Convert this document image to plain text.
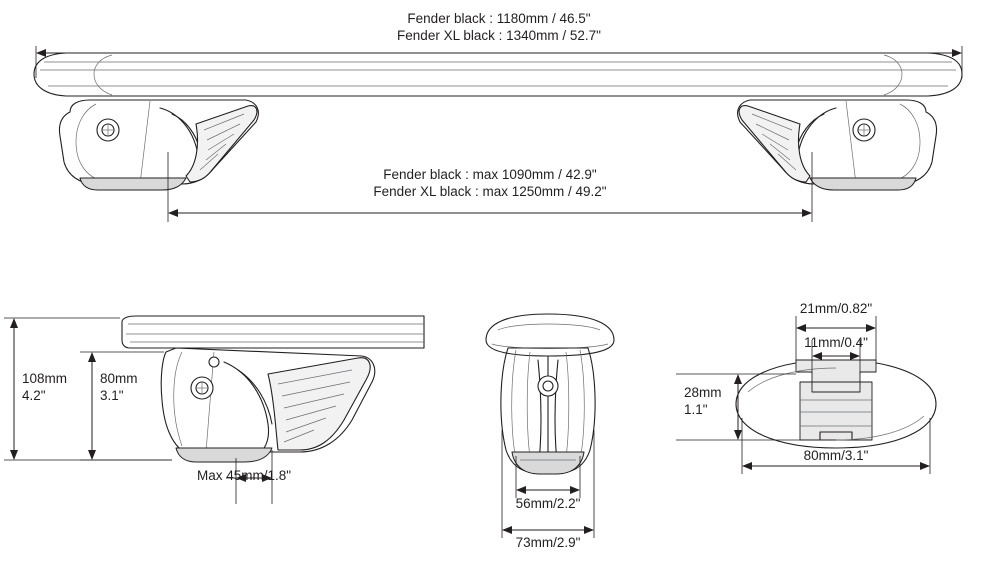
Fender black : 1180mm / 46.5"
Fender XL black : 1340mm / 52.7"
Fender black : max 1090mm / 42.9"
Fender XL black : max 1250mm / 49.2"
108mm
4.2"
80mm
3.1"
Max 45mm/1.8"
56mm/2.2"
73mm/2.9"
21mm/0.82"
11mm/0.4"
28mm
1.1"
80mm/3.1"
